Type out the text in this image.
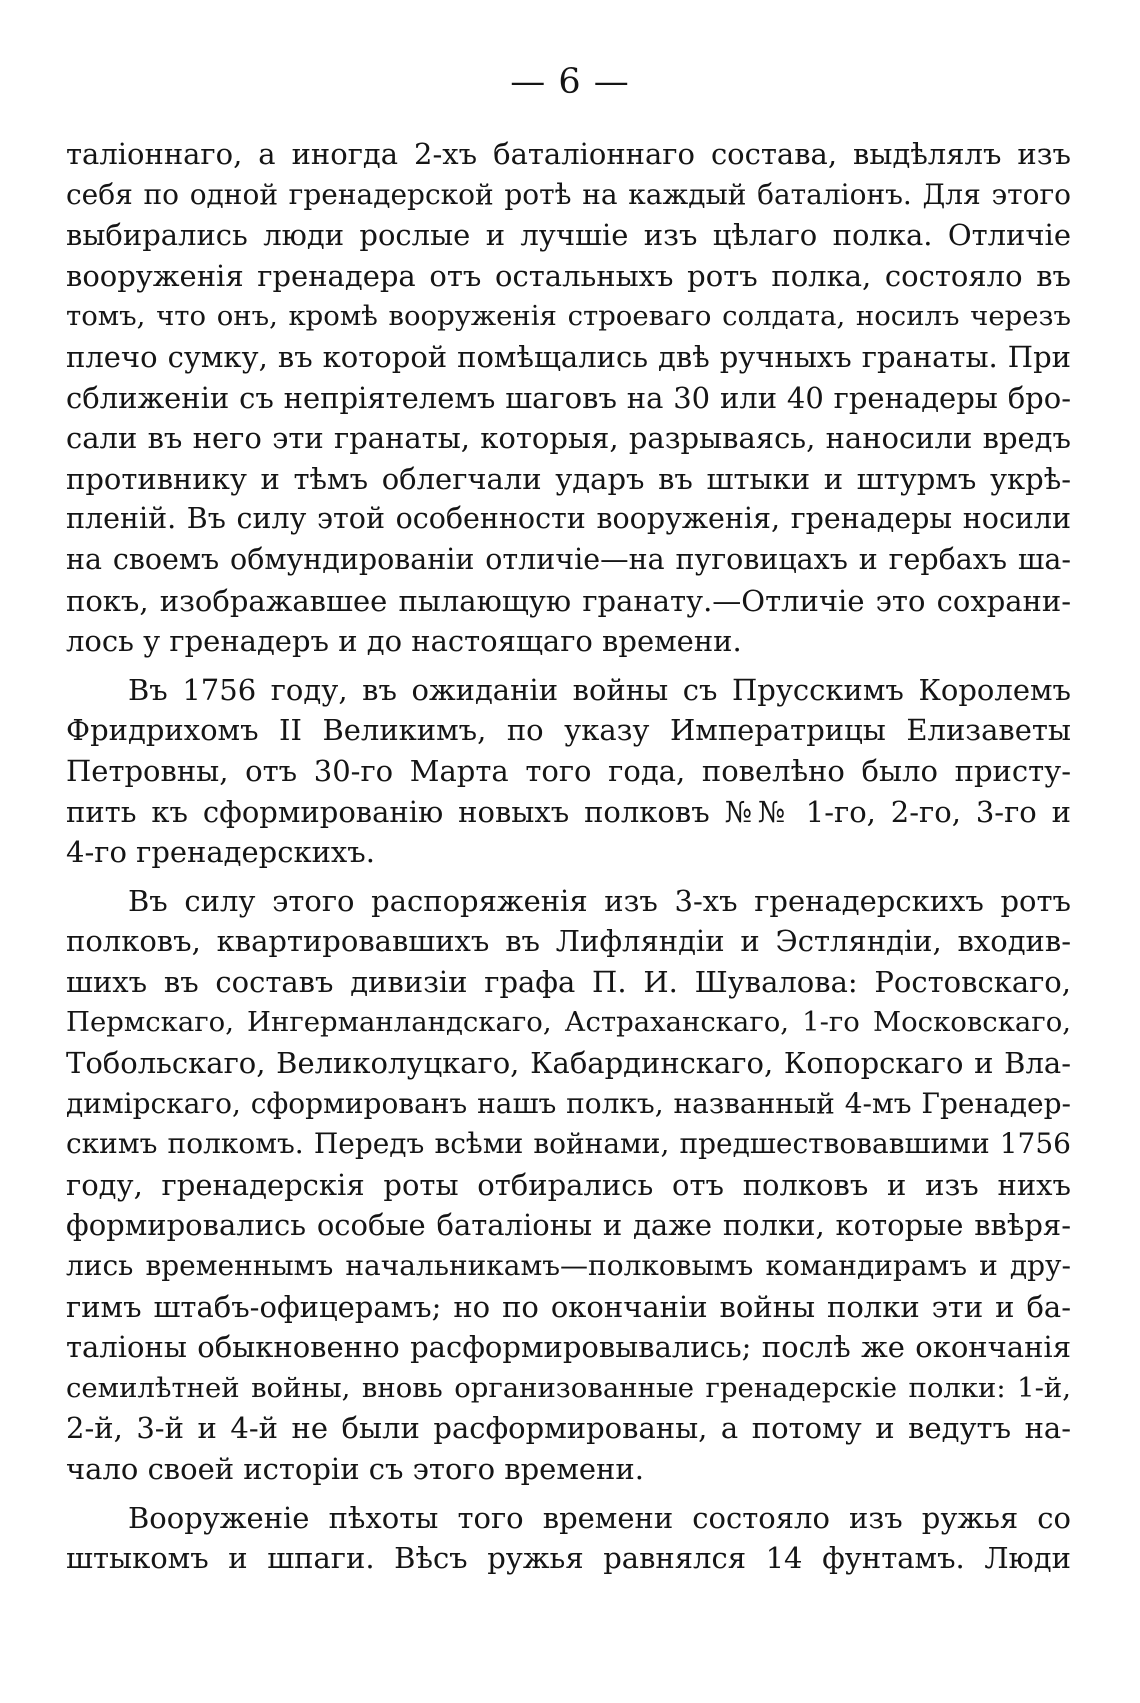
— 6 —
таліоннаго, а иногда 2-хъ баталіоннаго состава, выдѣлялъ изъ
себя по одной гренадерской ротѣ на каждый баталіонъ. Для этого
выбирались люди рослые и лучшіе изъ цѣлаго полка. Отличіе
вооруженія гренадера отъ остальныхъ ротъ полка, состояло въ
томъ, что онъ, кромѣ вооруженія строеваго солдата, носилъ черезъ
плечо сумку, въ которой помѣщались двѣ ручныхъ гранаты. При
сближеніи съ непріятелемъ шаговъ на 30 или 40 гренадеры бро-
сали въ него эти гранаты, которыя, разрываясь, наносили вредъ
противнику и тѣмъ облегчали ударъ въ штыки и штурмъ укрѣ-
пленій. Въ силу этой особенности вооруженія, гренадеры носили
на своемъ обмундированіи отличіе—на пуговицахъ и гербахъ ша-
покъ, изображавшее пылающую гранату.—Отличіе это сохрани-
лось у гренадеръ и до настоящаго времени.
Въ 1756 году, въ ожиданіи войны съ Прусскимъ Королемъ
Фридрихомъ II Великимъ, по указу Императрицы Елизаветы
Петровны, отъ 30-го Марта того года, повелѣно было присту-
пить къ сформированію новыхъ полковъ №№ 1-го, 2-го, 3-го и
4-го гренадерскихъ.
Въ силу этого распоряженія изъ 3-хъ гренадерскихъ ротъ
полковъ, квартировавшихъ въ Лифляндіи и Эстляндіи, входив-
шихъ въ составъ дивизіи графа П. И. Шувалова: Ростовскаго,
Пермскаго, Ингерманландскаго, Астраханскаго, 1-го Московскаго,
Тобольскаго, Великолуцкаго, Кабардинскаго, Копорскаго и Вла-
димірскаго, сформированъ нашъ полкъ, названный 4-мъ Гренадер-
скимъ полкомъ. Передъ всѣми войнами, предшествовавшими 1756
году, гренадерскія роты отбирались отъ полковъ и изъ нихъ
формировались особые баталіоны и даже полки, которые ввѣря-
лись временнымъ начальникамъ—полковымъ командирамъ и дру-
гимъ штабъ-офицерамъ; но по окончаніи войны полки эти и ба-
таліоны обыкновенно расформировывались; послѣ же окончанія
семилѣтней войны, вновь организованные гренадерскіе полки: 1-й,
2-й, 3-й и 4-й не были расформированы, а потому и ведутъ на-
чало своей исторіи съ этого времени.
Вооруженіе пѣхоты того времени состояло изъ ружья со
штыкомъ и шпаги. Вѣсъ ружья равнялся 14 фунтамъ. Люди
